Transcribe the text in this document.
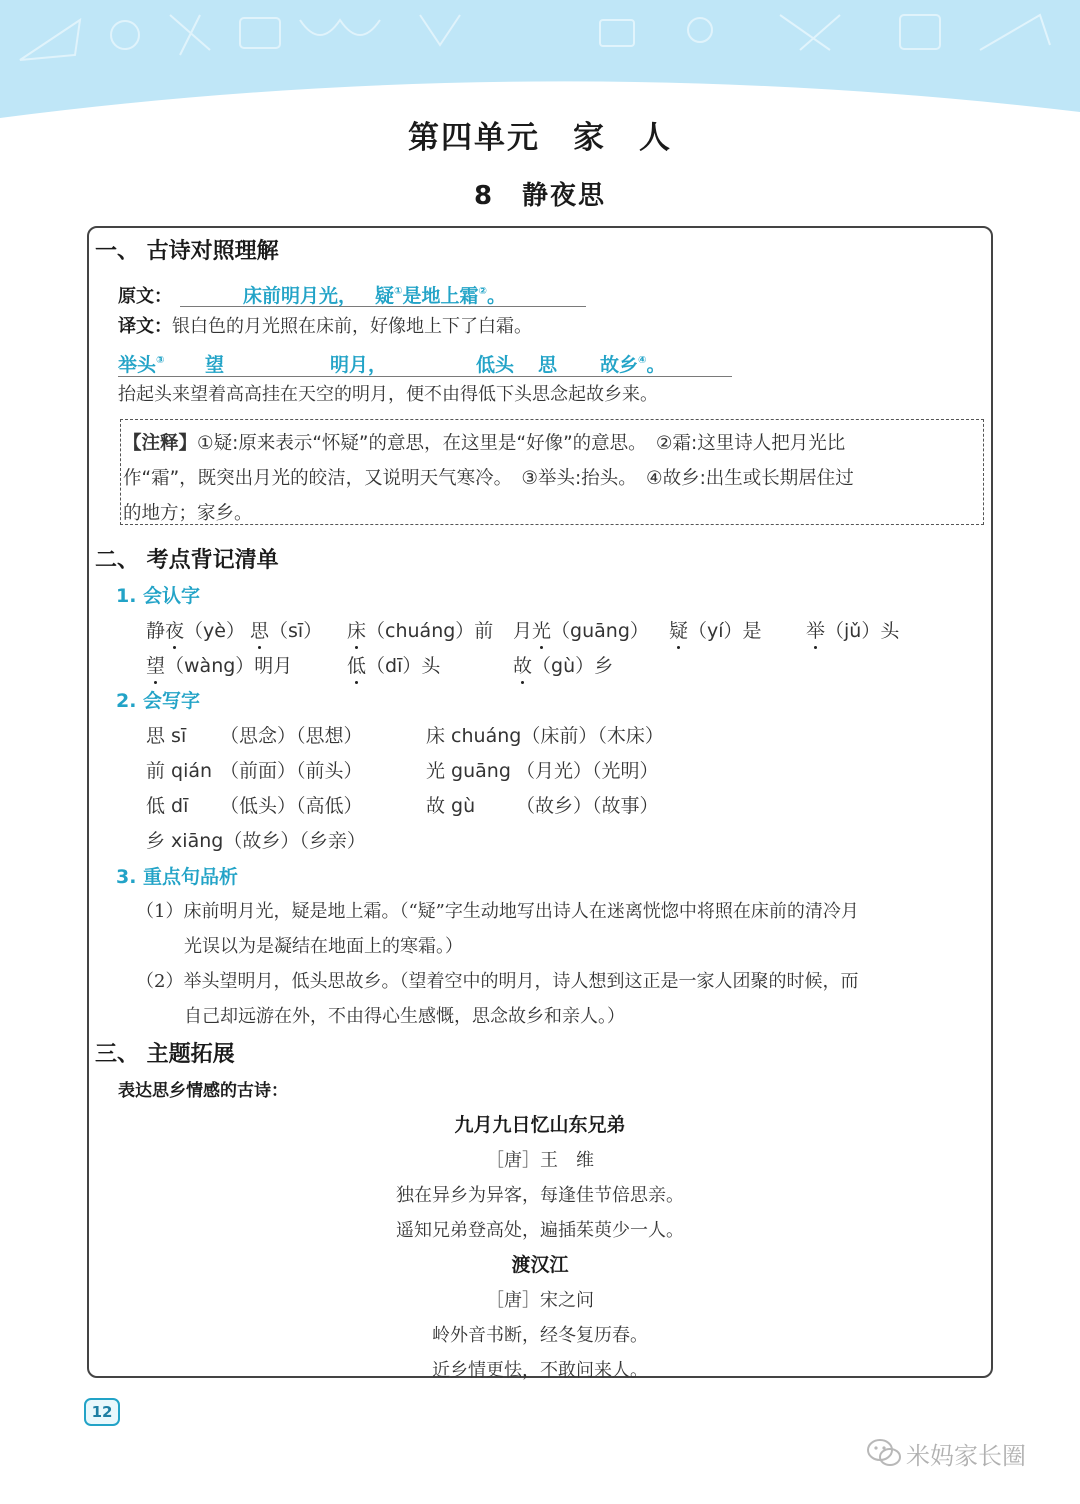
第四单元　家　人
8　静夜思
一、 古诗对照理解
原文：	床前明月光， 疑①是地上霜②。
译文：银白色的月光照在床前，好像地上下了白霜。
举头③ 望	明月，	低头 思 故乡④。
抬起头来望着高高挂在天空的明月，便不由得低下头思念起故乡来。
【注释】①疑:原来表示“怀疑”的意思，在这里是“好像”的意思。　②霜:这里诗人把月光比
作“霜”，既突出月光的皎洁，又说明天气寒冷。　③举头:抬头。　④故乡:出生或长期居住过
的地方；家乡。
二、 考点背记清单
1. 会认字
静夜（yè） 思（sī） 床（chuáng）前 月光（guāng） 疑（yí）是 举（jǔ）头
望（wàng）明月	低（dī）头	故（gù）乡
2. 会写字
思 sī （思念）（思想）
前 qián （前面）（前头）
低 dī （低头）（高低）
乡 xiāng（故乡）（乡亲）
床 chuáng（床前）（木床）
光 guāng （月光）（光明）
故 gù （故乡）（故事）
3. 重点句品析
（1）床前明月光，疑是地上霜。（“疑”字生动地写出诗人在迷离恍惚中将照在床前的清冷月
光误以为是凝结在地面上的寒霜。）
（2）举头望明月，低头思故乡。（望着空中的明月，诗人想到这正是一家人团聚的时候，而
自己却远游在外，不由得心生感慨，思念故乡和亲人。）
三、 主题拓展
表达思乡情感的古诗：
九月九日忆山东兄弟
［唐］王　维
独在异乡为异客，每逢佳节倍思亲。
遥知兄弟登高处，遍插茱萸少一人。
渡汉江
［唐］宋之问
岭外音书断，经冬复历春。
近乡情更怯，不敢问来人。
12
米妈家长圈
